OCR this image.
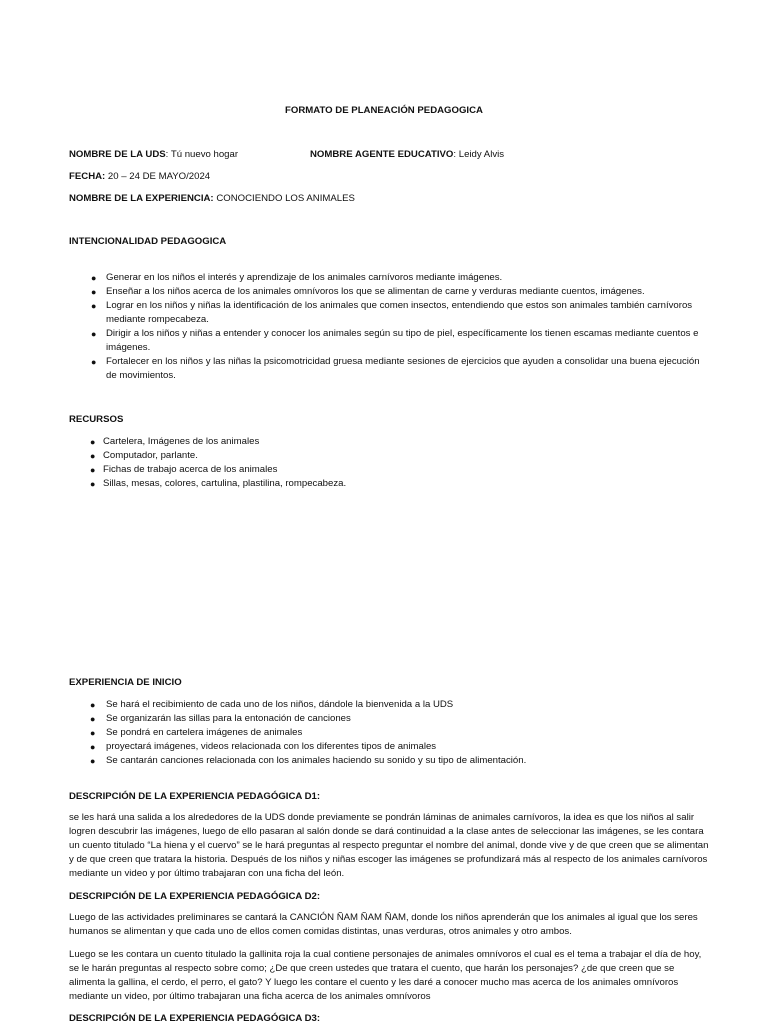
FORMATO DE PLANEACIÓN PEDAGOGICA
NOMBRE DE LA UDS: Tú nuevo hogar	NOMBRE AGENTE EDUCATIVO: Leidy Alvis
FECHA: 20 – 24 DE MAYO/2024
NOMBRE DE LA EXPERIENCIA: CONOCIENDO LOS ANIMALES
INTENCIONALIDAD PEDAGOGICA
● Generar en los niños el interés y aprendizaje de los animales carnívoros mediante imágenes.
● Enseñar a los niños acerca de los animales omnívoros los que se alimentan de carne y verduras mediante cuentos, imágenes.
● Lograr en los niños y niñas la identificación de los animales que comen insectos, entendiendo que estos son animales también carnívoros mediante rompecabeza.
● Dirigir a los niños y niñas a entender y conocer los animales según su tipo de piel, específicamente los tienen escamas mediante cuentos e imágenes.
● Fortalecer en los niños y las niñas la psicomotricidad gruesa mediante sesiones de ejercicios que ayuden a consolidar una buena ejecución de movimientos.
RECURSOS
● Cartelera, Imágenes de los animales
● Computador, parlante.
● Fichas de trabajo acerca de los animales
● Sillas, mesas, colores, cartulina, plastilina, rompecabeza.
EXPERIENCIA DE INICIO
● Se hará el recibimiento de cada uno de los niños, dándole la bienvenida a la UDS
● Se organizarán las sillas para la entonación de canciones
● Se pondrá en cartelera imágenes de animales
● proyectará imágenes, videos relacionada con los diferentes tipos de animales
● Se cantarán canciones relacionada con los animales haciendo su sonido y su tipo de alimentación.
DESCRIPCIÓN DE LA EXPERIENCIA PEDAGÓGICA D1:

se les hará una salida a los alrededores de la UDS donde previamente se pondrán láminas de animales carnívoros, la idea es que los niños al salir logren descubrir las imágenes, luego de ello pasaran al salón donde se dará continuidad a la clase antes de seleccionar las imágenes, se les contara un cuento titulado “La hiena y el cuervo” se le hará preguntas al respecto preguntar el nombre del animal, donde vive y de que creen que se alimentan y de que creen que tratara la historia. Después de los niños y niñas escoger las imágenes se profundizará más al respecto de los animales carnívoros mediante un video y por último trabajaran con una ficha del león.

DESCRIPCIÓN DE LA EXPERIENCIA PEDAGÓGICA D2:

Luego de las actividades preliminares se cantará la CANCIÓN ÑAM ÑAM ÑAM, donde los niños aprenderán que los animales al igual que los seres humanos se alimentan y que cada uno de ellos comen comidas distintas, unas verduras, otros animales y otro ambos.

Luego se les contara un cuento titulado la gallinita roja la cual contiene personajes de animales omnívoros el cual es el tema a trabajar el día de hoy, se le harán preguntas al respecto sobre como; ¿De que creen ustedes que tratara el cuento, que harán los personajes? ¿de que creen que se alimenta la gallina, el cerdo, el perro, el gato? Y luego les contare el cuento y les daré a conocer mucho mas acerca de los animales omnívoros mediante un video, por último trabajaran una ficha acerca de los animales omnívoros

DESCRIPCIÓN DE LA EXPERIENCIA PEDAGÓGICA D3:
